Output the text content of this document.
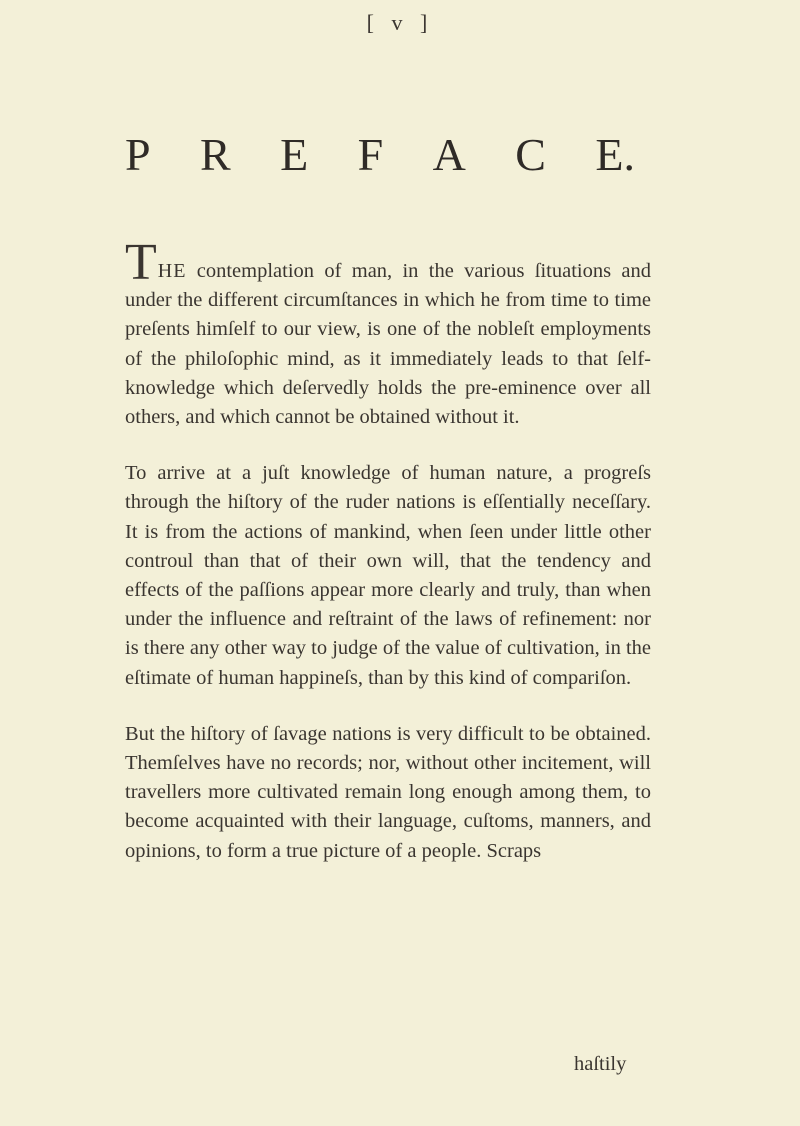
[ v ]
P R E F A C E.

THE contemplation of man, in the various ſituations and under the different circumſtances in which he from time to time preſents himſelf to our view, is one of the nobleſt employments of the philoſophic mind, as it immediately leads to that ſelf-knowledge which deſervedly holds the pre-eminence over all others, and which cannot be obtained without it.

To arrive at a juſt knowledge of human nature, a progreſs through the hiſtory of the ruder nations is eſſentially neceſſary. It is from the actions of mankind, when ſeen under little other controul than that of their own will, that the tendency and effects of the paſſions appear more clearly and truly, than when under the influence and reſtraint of the laws of refinement: nor is there any other way to judge of the value of cultivation, in the eſtimate of human happineſs, than by this kind of compariſon.

But the hiſtory of ſavage nations is very difficult to be obtained. Themſelves have no records; nor, without other incitement, will travellers more cultivated remain long enough among them, to become acquainted with their language, cuſtoms, manners, and opinions, to form a true picture of a people. Scraps

haſtily
